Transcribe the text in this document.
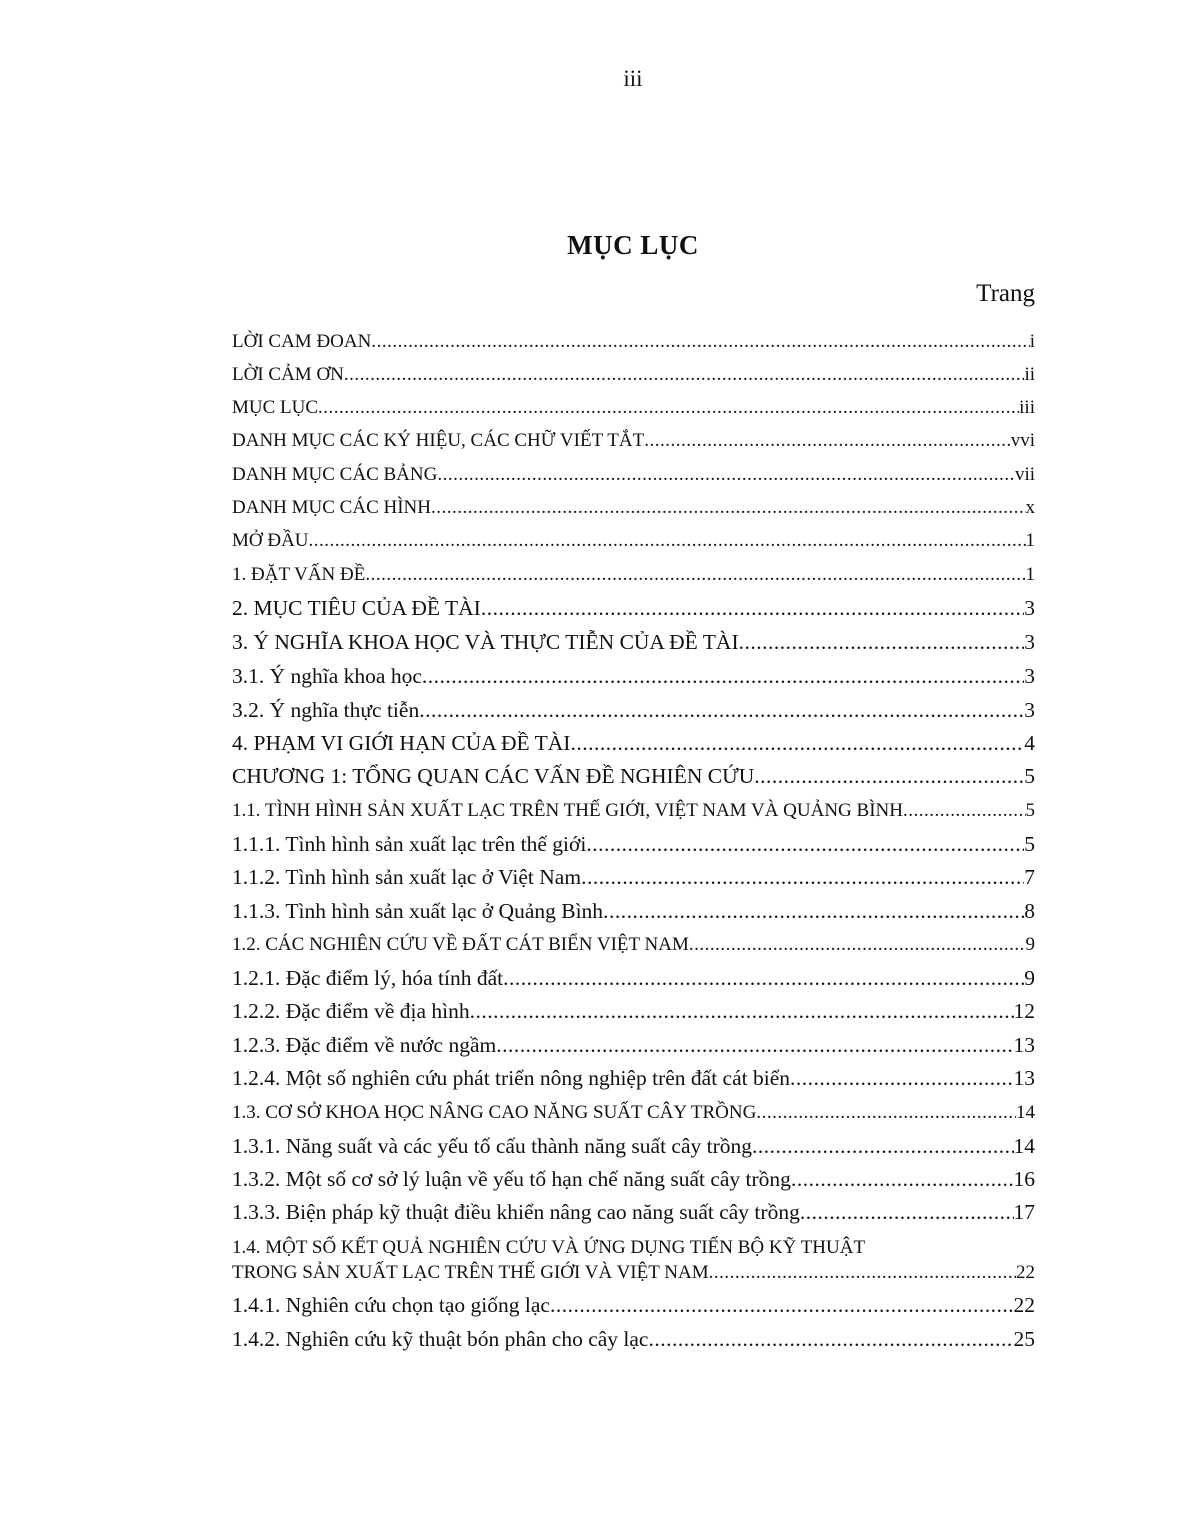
iii
MỤC LỤC
Trang
LỜI CAM ĐOAN .....	i
LỜI CẢM ƠN .....	ii
MỤC LỤC .....	iii
DANH MỤC CÁC KÝ HIỆU, CÁC CHỮ VIẾT TẮT .....	vvi
DANH MỤC CÁC BẢNG .....	vii
DANH MỤC CÁC HÌNH .....	x
MỞ ĐẦU .....	1
1. ĐẶT VẤN ĐỀ .....	1
2. MỤC TIÊU CỦA ĐỀ TÀI .....	3
3. Ý NGHĨA KHOA HỌC VÀ THỰC TIỄN CỦA ĐỀ TÀI .....	3
3.1. Ý nghĩa khoa học .....	3
3.2. Ý nghĩa thực tiễn .....	3
4. PHẠM VI GIỚI HẠN CỦA ĐỀ TÀI .....	4
CHƯƠNG 1: TỔNG QUAN CÁC VẤN ĐỀ NGHIÊN CỨU .....	5
1.1. TÌNH HÌNH SẢN XUẤT LẠC TRÊN THẾ GIỚI, VIỆT NAM VÀ QUẢNG BÌNH .....	5
1.1.1. Tình hình sản xuất lạc trên thế giới .....	5
1.1.2. Tình hình sản xuất lạc ở Việt Nam .....	7
1.1.3. Tình hình sản xuất lạc ở Quảng Bình .....	8
1.2. CÁC NGHIÊN CỨU VỀ ĐẤT CÁT BIỂN VIỆT NAM .....	9
1.2.1. Đặc điểm lý, hóa tính đất .....	9
1.2.2. Đặc điểm về địa hình .....	12
1.2.3. Đặc điểm về nước ngầm .....	13
1.2.4. Một số nghiên cứu phát triển nông nghiệp trên đất cát biển .....	13
1.3. CƠ SỞ KHOA HỌC NÂNG CAO NĂNG SUẤT CÂY TRỒNG .....	14
1.3.1. Năng suất và các yếu tố cấu thành năng suất cây trồng .....	14
1.3.2. Một số cơ sở lý luận về yếu tố hạn chế năng suất cây trồng .....	16
1.3.3. Biện pháp kỹ thuật điều khiển nâng cao năng suất cây trồng .....	17
1.4. MỘT SỐ KẾT QUẢ NGHIÊN CỨU VÀ ỨNG DỤNG TIẾN BỘ KỸ THUẬT
TRONG SẢN XUẤT LẠC TRÊN THẾ GIỚI VÀ VIỆT NAM .....	22
1.4.1. Nghiên cứu chọn tạo giống lạc .....	22
1.4.2. Nghiên cứu kỹ thuật bón phân cho cây lạc .....	25
